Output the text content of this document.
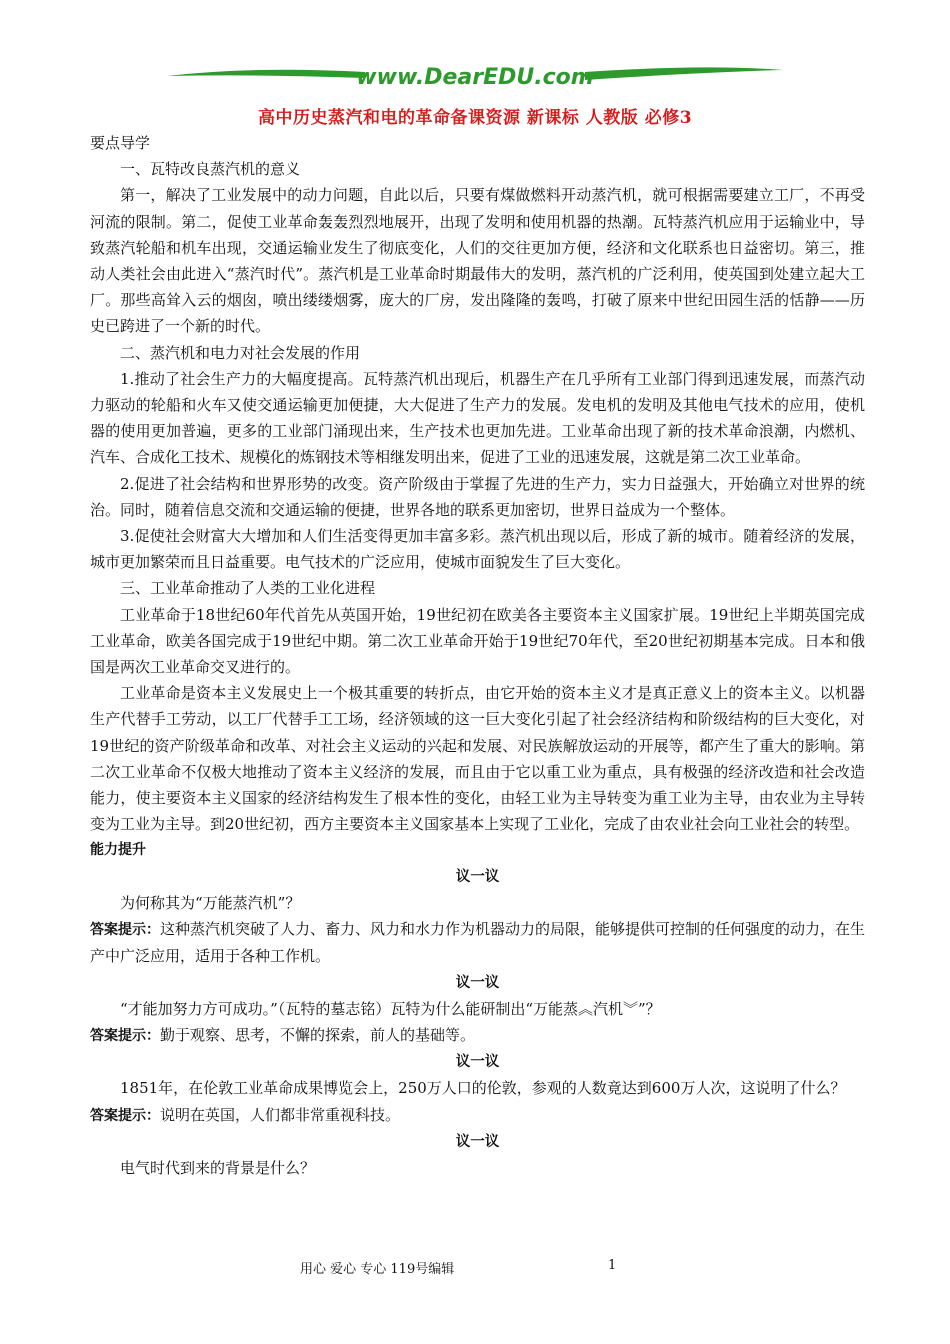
www.DearEDU.com
高中历史蒸汽和电的革命备课资源 新课标 人教版 必修3

要点导学

一、瓦特改良蒸汽机的意义

第一，解决了工业发展中的动力问题，自此以后，只要有煤做燃料开动蒸汽机，就可根据需要建立工厂，不再受河流的限制。第二，促使工业革命轰轰烈烈地展开，出现了发明和使用机器的热潮。瓦特蒸汽机应用于运输业中，导致蒸汽轮船和机车出现，交通运输业发生了彻底变化，人们的交往更加方便，经济和文化联系也日益密切。第三，推动人类社会由此进入“蒸汽时代”。蒸汽机是工业革命时期最伟大的发明，蒸汽机的广泛利用，使英国到处建立起大工厂。那些高耸入云的烟囱，喷出缕缕烟雾，庞大的厂房，发出隆隆的轰鸣，打破了原来中世纪田园生活的恬静——历史已跨进了一个新的时代。

二、蒸汽机和电力对社会发展的作用

1.推动了社会生产力的大幅度提高。瓦特蒸汽机出现后，机器生产在几乎所有工业部门得到迅速发展，而蒸汽动力驱动的轮船和火车又使交通运输更加便捷，大大促进了生产力的发展。发电机的发明及其他电气技术的应用，使机器的使用更加普遍，更多的工业部门涌现出来，生产技术也更加先进。工业革命出现了新的技术革命浪潮，内燃机、汽车、合成化工技术、规模化的炼钢技术等相继发明出来，促进了工业的迅速发展，这就是第二次工业革命。

2.促进了社会结构和世界形势的改变。资产阶级由于掌握了先进的生产力，实力日益强大，开始确立对世界的统治。同时，随着信息交流和交通运输的便捷，世界各地的联系更加密切，世界日益成为一个整体。

3.促使社会财富大大增加和人们生活变得更加丰富多彩。蒸汽机出现以后，形成了新的城市。随着经济的发展，城市更加繁荣而且日益重要。电气技术的广泛应用，使城市面貌发生了巨大变化。

三、工业革命推动了人类的工业化进程

工业革命于18世纪60年代首先从英国开始，19世纪初在欧美各主要资本主义国家扩展。19世纪上半期英国完成工业革命，欧美各国完成于19世纪中期。第二次工业革命开始于19世纪70年代，至20世纪初期基本完成。日本和俄国是两次工业革命交叉进行的。

工业革命是资本主义发展史上一个极其重要的转折点，由它开始的资本主义才是真正意义上的资本主义。以机器生产代替手工劳动，以工厂代替手工工场，经济领域的这一巨大变化引起了社会经济结构和阶级结构的巨大变化，对19世纪的资产阶级革命和改革、对社会主义运动的兴起和发展、对民族解放运动的开展等，都产生了重大的影响。第二次工业革命不仅极大地推动了资本主义经济的发展，而且由于它以重工业为重点，具有极强的经济改造和社会改造能力，使主要资本主义国家的经济结构发生了根本性的变化，由轻工业为主导转变为重工业为主导，由农业为主导转变为工业为主导。到20世纪初，西方主要资本主义国家基本上实现了工业化，完成了由农业社会向工业社会的转型。

能力提升

议一议

为何称其为“万能蒸汽机”？

答案提示：这种蒸汽机突破了人力、畜力、风力和水力作为机器动力的局限，能够提供可控制的任何强度的动力，在生产中广泛应用，适用于各种工作机。

议一议

“才能加努力方可成功。”（瓦特的墓志铭）瓦特为什么能研制出“万能蒸︽汽机︾”？

答案提示：勤于观察、思考，不懈的探索，前人的基础等。

议一议

1851年，在伦敦工业革命成果博览会上，250万人口的伦敦，参观的人数竟达到600万人次，这说明了什么？

答案提示：说明在英国，人们都非常重视科技。

议一议

电气时代到来的背景是什么？

用心 爱心 专心 119号编辑	1
